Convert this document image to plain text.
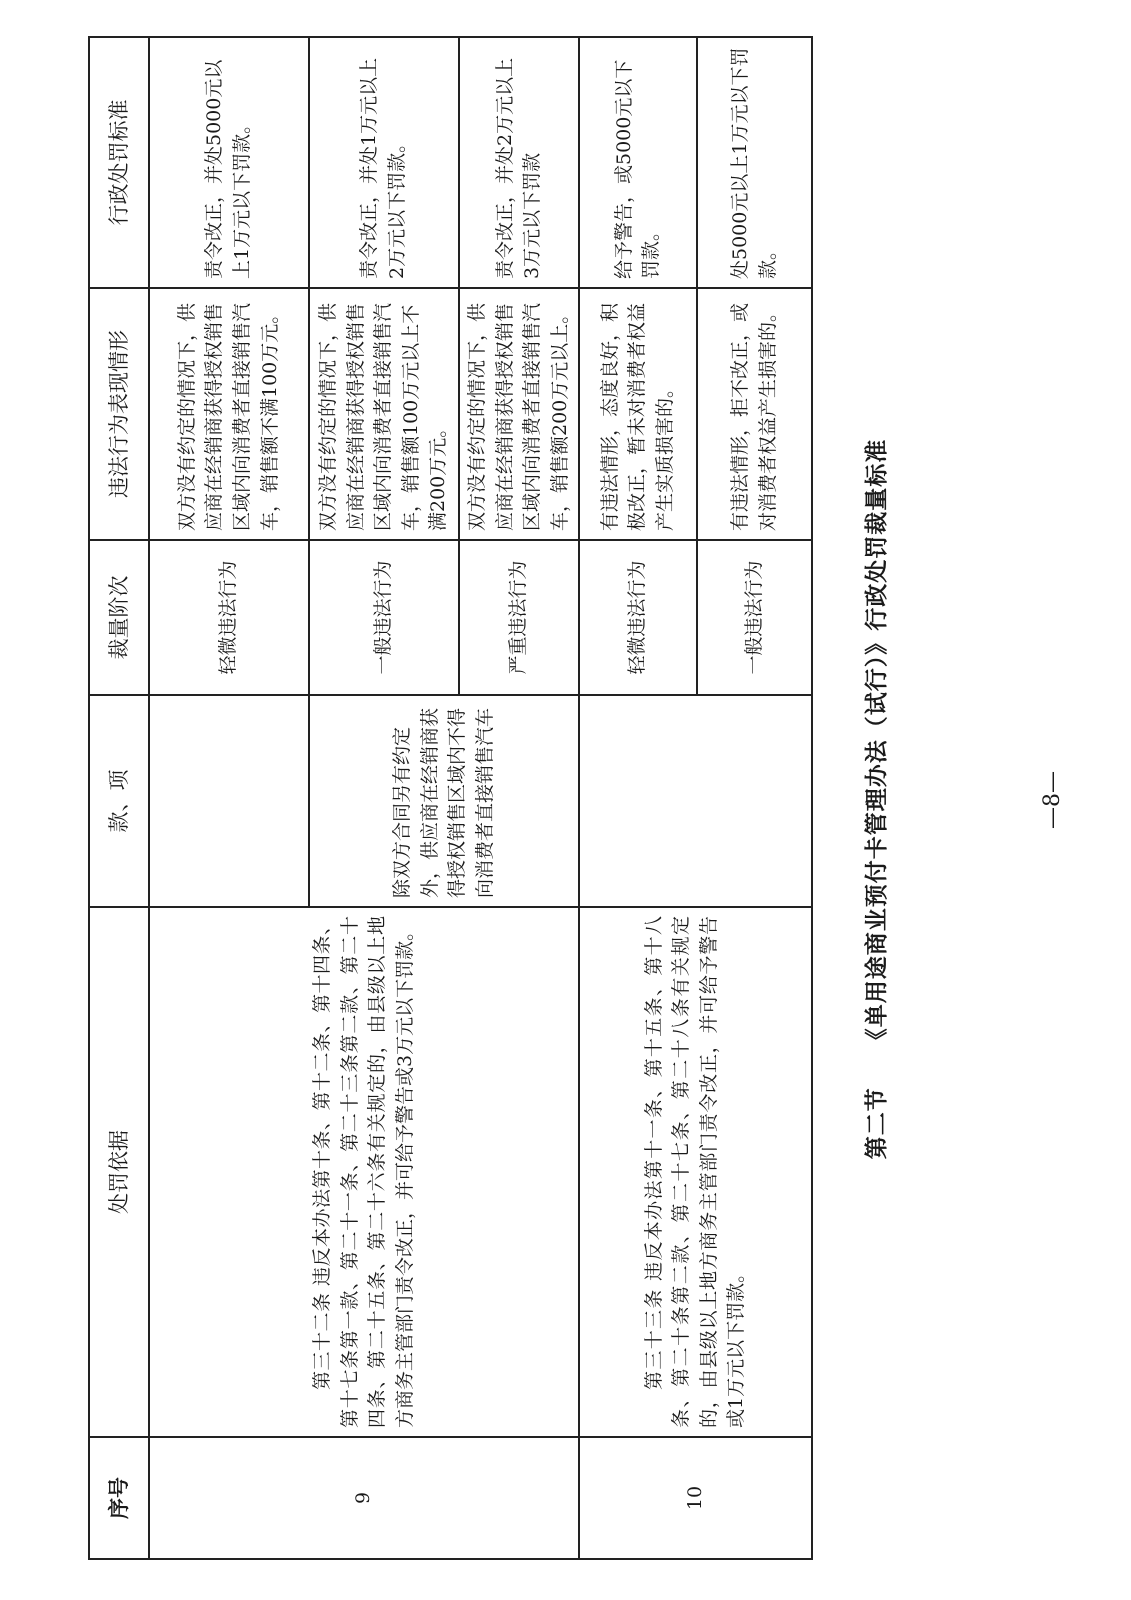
序号	处罚依据	款、项	裁量阶次	违法行为表现情形	行政处罚标准
9	第三十二条 违反本办法第十条、第十二条、第十四条、第十七条第一款、第二十一条、第二十三条第二款、第二十四条、第二十五条、第二十六条有关规定的，由县级以上地方商务主管部门责令改正，并可给予警告或3万元以下罚款。		轻微违法行为	双方没有约定的情况下，供应商在经销商获得授权销售区域内向消费者直接销售汽车，销售额不满100万元。	责令改正，并处5000元以上1万元以下罚款。
		除双方合同另有约定外，供应商在经销商获得授权销售区域内不得向消费者直接销售汽车	一般违法行为	双方没有约定的情况下，供应商在经销商获得授权销售区域内向消费者直接销售汽车，销售额100万元以上不满200万元。	责令改正，并处1万元以上2万元以下罚款。
			严重违法行为	双方没有约定的情况下，供应商在经销商获得授权销售区域内向消费者直接销售汽车，销售额200万元以上。	责令改正，并处2万元以上3万元以下罚款
10	第三十三条 违反本办法第十一条、第十五条、第十八条、第二十条第二款、第二十七条、第二十八条有关规定的，由县级以上地方商务主管部门责令改正，并可给予警告或1万元以下罚款。		轻微违法行为	有违法情形，态度良好，积极改正，暂未对消费者权益产生实质损害的。	给予警告，或5000元以下罚款。
			一般违法行为	有违法情形，拒不改正，或对消费者权益产生损害的。	处5000元以上1万元以下罚款。
第二节《单用途商业预付卡管理办法（试行）》行政处罚裁量标准	—8—
